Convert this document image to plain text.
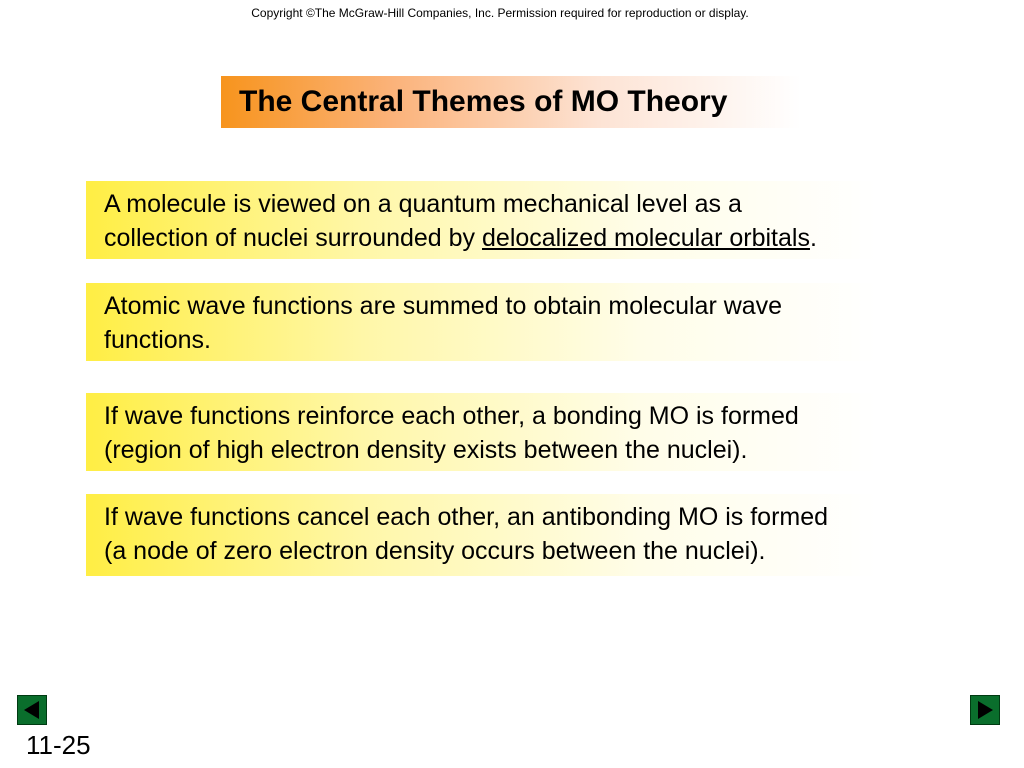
Copyright ©The McGraw-Hill Companies, Inc. Permission required for reproduction or display.
The Central Themes of MO Theory
A molecule is viewed on a quantum mechanical level as a
collection of nuclei surrounded by delocalized molecular orbitals.
Atomic wave functions are summed to obtain molecular wave
functions.
If wave functions reinforce each other, a bonding MO is formed
(region of high electron density exists between the nuclei).
If wave functions cancel each other, an antibonding MO is formed
(a node of zero electron density occurs between the nuclei).
11-25
